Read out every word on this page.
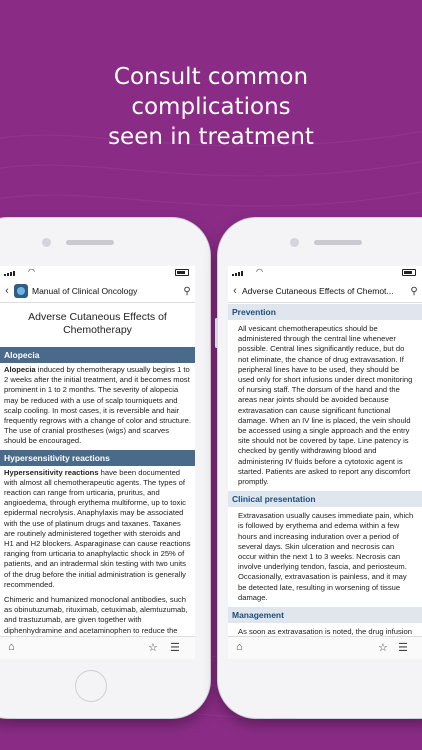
Consult common
complications
seen in treatment
◠
‹	Manual of Clinical Oncology	⚲
Adverse Cutaneous Effects of Chemotherapy
Alopecia
Alopecia induced by chemotherapy usually begins 1 to 2 weeks after the initial treatment, and it becomes most prominent in 1 to 2 months. The severity of alopecia may be reduced with a use of scalp tourniquets and scalp cooling. In most cases, it is reversible and hair frequently regrows with a change of color and structure. The use of cranial prostheses (wigs) and scarves should be encouraged.
Hypersensitivity reactions
Hypersensitivity reactions have been documented with almost all chemotherapeutic agents. The types of reaction can range from urticaria, pruritus, and angioedema, through erythema multiforme, up to toxic epidermal necrolysis. Anaphylaxis may be associated with the use of platinum drugs and taxanes. Taxanes are routinely administered together with steroids and H1 and H2 blockers. Asparaginase can cause reactions ranging from urticaria to anaphylactic shock in 25% of patients, and an intradermal skin testing with two units of the drug before the initial administration is generally recommended.
Chimeric and humanized monoclonal antibodies, such as obinutuzumab, rituximab, cetuximab, alemtuzumab, and trastuzumab, are given together with diphenhydramine and acetaminophen to reduce the
⌂	☆ ☰
◠
‹ Adverse Cutaneous Effects of Chemot...	⚲
Prevention
All vesicant chemotherapeutics should be administered through the central line whenever possible. Central lines significantly reduce, but do not eliminate, the chance of drug extravasation. If peripheral lines have to be used, they should be used only for short infusions under direct monitoring of nursing staff. The dorsum of the hand and the areas near joints should be avoided because extravasation can cause significant functional damage. When an IV line is placed, the vein should be accessed using a single approach and the entry site should not be covered by tape. Line patency is checked by gently withdrawing blood and administering IV fluids before a cytotoxic agent is started. Patients are asked to report any discomfort promptly.
Clinical presentation
Extravasation usually causes immediate pain, which is followed by erythema and edema within a few hours and increasing induration over a period of several days. Skin ulceration and necrosis can occur within the next 1 to 3 weeks. Necrosis can involve underlying tendon, fascia, and periosteum. Occasionally, extravasation is painless, and it may be detected late, resulting in worsening of tissue damage.
Management
As soon as extravasation is noted, the drug infusion
⌂	☆ ☰
